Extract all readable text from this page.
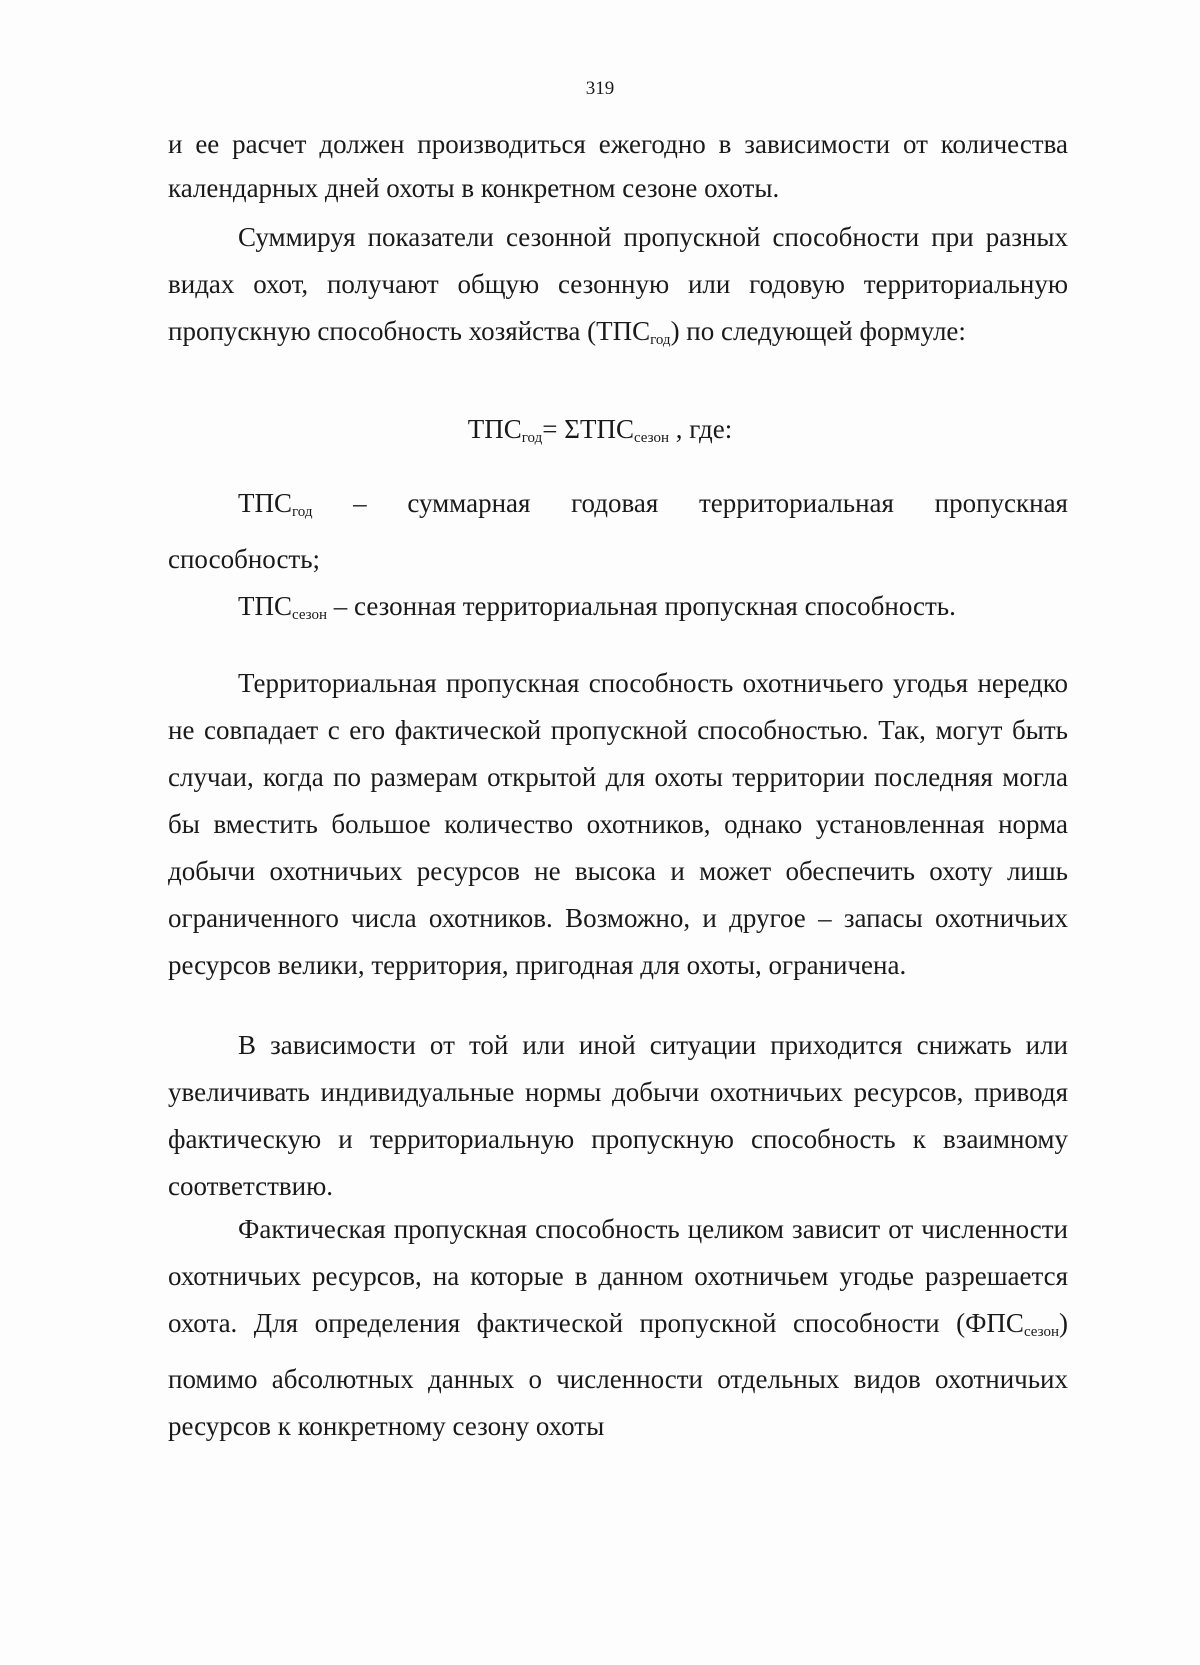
319

и ее расчет должен производиться ежегодно в зависимости от количества

календарных дней охоты в конкретном сезоне охоты.

Суммируя показатели сезонной пропускной способности при разных видах охот, получают общую сезонную или годовую территориальную пропускную способность хозяйства $(ТПС_{год})$ по следующей формуле:

$ТПС_{год}= \Sigma ТПС_{сезон}$ , где:

$ТПС_{год}$ – суммарная годовая территориальная пропускная

способность;

$ТПС_{сезон}$ – сезонная территориальная пропускная способность.

Территориальная пропускная способность охотничьего угодья нередко не совпадает с его фактической пропускной способностью. Так, могут быть случаи, когда по размерам открытой для охоты территории последняя могла бы вместить большое количество охотников, однако установленная норма добычи охотничьих ресурсов не высока и может обеспечить охоту лишь ограниченного числа охотников. Возможно, и другое – запасы охотничьих ресурсов велики, территория, пригодная для охоты, ограничена.

В зависимости от той или иной ситуации приходится снижать или увеличивать индивидуальные нормы добычи охотничьих ресурсов, приводя фактическую и территориальную пропускную способность к взаимному соответствию.

Фактическая пропускная способность целиком зависит от численности охотничьих ресурсов, на которые в данном охотничьем угодье разрешается охота. Для определения фактической пропускной способности $(ФПС_{сезон})$ помимо абсолютных данных о численности отдельных видов охотничьих ресурсов к конкретному сезону охоты
